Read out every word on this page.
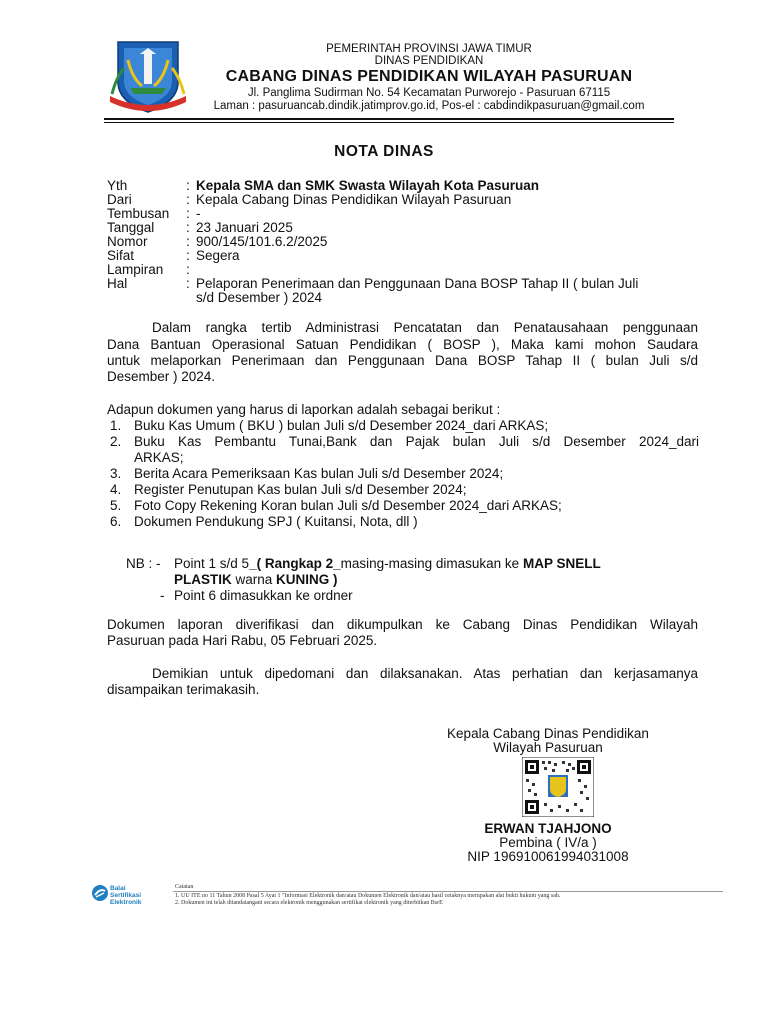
PEMERINTAH PROVINSI JAWA TIMUR
DINAS PENDIDIKAN
CABANG DINAS PENDIDIKAN WILAYAH PASURUAN
Jl. Panglima Sudirman No. 54 Kecamatan Purworejo - Pasuruan 67115
Laman : pasuruancab.dindik.jatimprov.go.id, Pos-el : cabdindikpasuruan@gmail.com
NOTA DINAS
Yth	: Kepala SMA dan SMK Swasta Wilayah Kota Pasuruan
Dari	: Kepala Cabang Dinas Pendidikan Wilayah Pasuruan
Tembusan : -
Tanggal : 23 Januari 2025
Nomor	: 900/145/101.6.2/2025
Sifat	: Segera
Lampiran :
Hal	: Pelaporan Penerimaan dan Penggunaan Dana BOSP Tahap II ( bulan Juli
s/d Desember ) 2024
Dalam rangka tertib Administrasi Pencatatan dan Penatausahaan penggunaan
Dana Bantuan Operasional Satuan Pendidikan ( BOSP ), Maka kami mohon Saudara
untuk melaporkan Penerimaan dan Penggunaan Dana BOSP Tahap II ( bulan Juli s/d
Desember ) 2024.
Adapun dokumen yang harus di laporkan adalah sebagai berikut :
1. Buku Kas Umum ( BKU ) bulan Juli s/d Desember 2024_dari ARKAS;
2. Buku Kas Pembantu Tunai,Bank dan Pajak bulan Juli s/d Desember 2024_dari
ARKAS;
3. Berita Acara Pemeriksaan Kas bulan Juli s/d Desember 2024;
4. Register Penutupan Kas bulan Juli s/d Desember 2024;
5. Foto Copy Rekening Koran bulan Juli s/d Desember 2024_dari ARKAS;
6. Dokumen Pendukung SPJ ( Kuitansi, Nota, dll )
NB : - Point 1 s/d 5_( Rangkap 2_masing-masing dimasukan ke MAP SNELL
PLASTIK warna KUNING )
- Point 6 dimasukkan ke ordner
Dokumen laporan diverifikasi dan dikumpulkan ke Cabang Dinas Pendidikan Wilayah
Pasuruan pada Hari Rabu, 05 Februari 2025.
Demikian untuk dipedomani dan dilaksanakan. Atas perhatian dan kerjasamanya
disampaikan terimakasih.
Kepala Cabang Dinas Pendidikan
Wilayah Pasuruan
ERWAN TJAHJONO
Pembina ( IV/a )
NIP 196910061994031008
Balai
Sertifikasi
Elektronik
Catatan
1. UU ITE no 11 Tahun 2008 Pasal 5 Ayat 1 "Informasi Elektronik dan/atau Dokumen Elektronik dan/atau hasil cetaknya merupakan alat bukti hukum yang sah.
2. Dokumen ini telah ditandatangani secara elektronik menggunakan sertifikat elektronik yang diterbitkan BsrE
